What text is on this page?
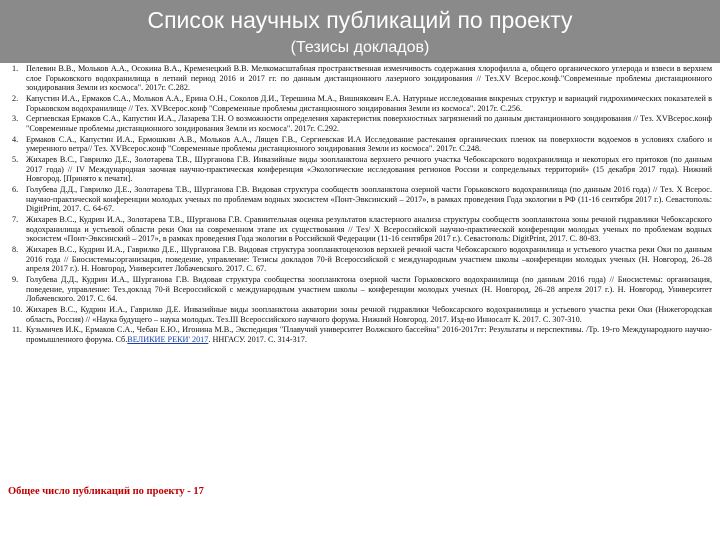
Список научных публикаций по проекту
(Тезисы докладов)
1. Пелевин В.В., Мольков А.А., Осокина В.А., Кременецкий В.В. Мелкомасштабная пространственная изменчивость содержания хлорофилла а, общего органического углерода и взвеси в верхнем слое Горьковского водохранилища в летний период 2016 и 2017 гг. по данным дистанционного лазерного зондирования // Тез.XV Всерос.конф."Современные проблемы дистанционного зондирования Земли из космоса". 2017г. С.282.
2. Капустин И.А., Ермаков С.А., Мольков А.А., Ерина О.Н., Соколов Д.И., Терешина М.А., Вишнякович Е.А. Натурные исследования внкреных структур и вариаций гидрохимических показателей в Горьковском водохранилище // Тез. XVВсерос.конф "Современные проблемы дистанционного зондирования Земли из космоса". 2017г. С.256.
3. Сергиевская Ермаков С.А., Капустин И.А., Лазарева Т.Н. О возможности определения характеристик поверхностных загрязнений по данным дистанционного зондирования // Тез. XVВсерос.конф "Современные проблемы дистанционного зондирования Земли из космоса". 2017г. С.292.
4. Ермаков С.А., Капустин И.А., Ермошкин А.В., Мольков А.А., Лящев Г.В., Сергиевская И.А Исследование растекания органических пленок на поверхности водоемов в условиях слабого и умеренного ветра// Тез. XVВсерос.конф "Современные проблемы дистанционного зондирования Земли из космоса". 2017г. С.248.
5. Жихарев В.С., Гаврилко Д.Е., Золотарева Т.В., Шурганова Г.В. Инвазийные виды зоопланктона верхнего речного участка Чебоксарского водохранилища и некоторых его притоков (по данным 2017 года) // IV Международная заочная научно-практическая конференция «Экологические исследования регионов России и сопредельных территорий» (15 декабря 2017 года). Нижний Новгород. [Принято к печати].
6. Голубева Д.Д., Гаврилко Д.Е., Золотарева Т.В., Шурганова Г.В. Видовая структура сообществ зоопланктона озерной части Горьковского водохранилища (по данным 2016 года) // Тез. X Всерос. научно-практической конференции молодых ученых по проблемам водных экосистем «Понт-Эвксинский – 2017», в рамках проведения Года экологии в РФ (11-16 сентября 2017 г.). Севастополь: DigitPrint, 2017. С. 64-67.
7. Жихарев В.С., Кудрин И.А., Золотарева Т.В., Шурганова Г.В. Сравнительная оценка результатов кластерного анализа структуры сообществ зоопланктона зоны речной гидравлики Чебоксарского водохранилища и устьевой области реки Оки на современном этапе их существования // Тез/ X Всероссийской научно-практической конференции молодых ученых по проблемам водных экосистем «Понт-Эвксинский – 2017», в рамках проведения Года экологии в Российской Федерации (11-16 сентября 2017 г.). Севастополь: DigitPrint, 2017. С. 80-83.
8. Жихарев В.С., Кудрин И.А., Гаврилко Д.Е., Шурганова Г.В. Видовая структура зоопланктоценозов верхней речной части Чебоксарского водохранилища и устьевого участка реки Оки по данным 2016 года // Биосистемы:организация, поведение, управление: Тезисы докладов 70-й Всероссийской с международным участием школы –конференции молодых ученых (Н. Новгород, 26–28 апреля 2017 г.). Н. Новгород, Университет Лобачевского. 2017. С. 67.
9. Голубева Д.Д., Кудрин И.А., Шурганова Г.В. Видовая структура сообщества зоопланктона озерной части Горьковского водохранилища (по данным 2016 года) // Биосистемы: организация, поведение, управление: Тез.доклад 70-й Всероссийской с международным участием школы – конференции молодых ученых (Н. Новгород, 26–28 апреля 2017 г.). Н. Новгород, Университет Лобачевского. 2017. С. 64.
10. Жихарев В.С., Кудрин И.А., Гаврилко Д.Е. Инвазийные виды зоопланктона акватории зоны речной гидравлики Чебоксарского водохранилища и устьевого участка реки Оки (Нижегородская область, Россия) // «Наука будущего – наука молодых. Тез.III Всероссийского научного форума. Нижний Новгород. 2017. Изд-во Инносалт К. 2017. С. 307-310.
11. Кузьмичев И.К., Ермаков С.А., Чебан Е.Ю., Игонина М.В., Экспедиция "Плавучий университет Волжского бассейна" 2016-2017гг: Результаты и перспективы. /Тр. 19-го Международного научно-промышленного форума. Сб.ВЕЛИКИЕ РЕКИ' 2017. ННГАСУ. 2017. С. 314-317.
Общее число публикаций по проекту - 17
